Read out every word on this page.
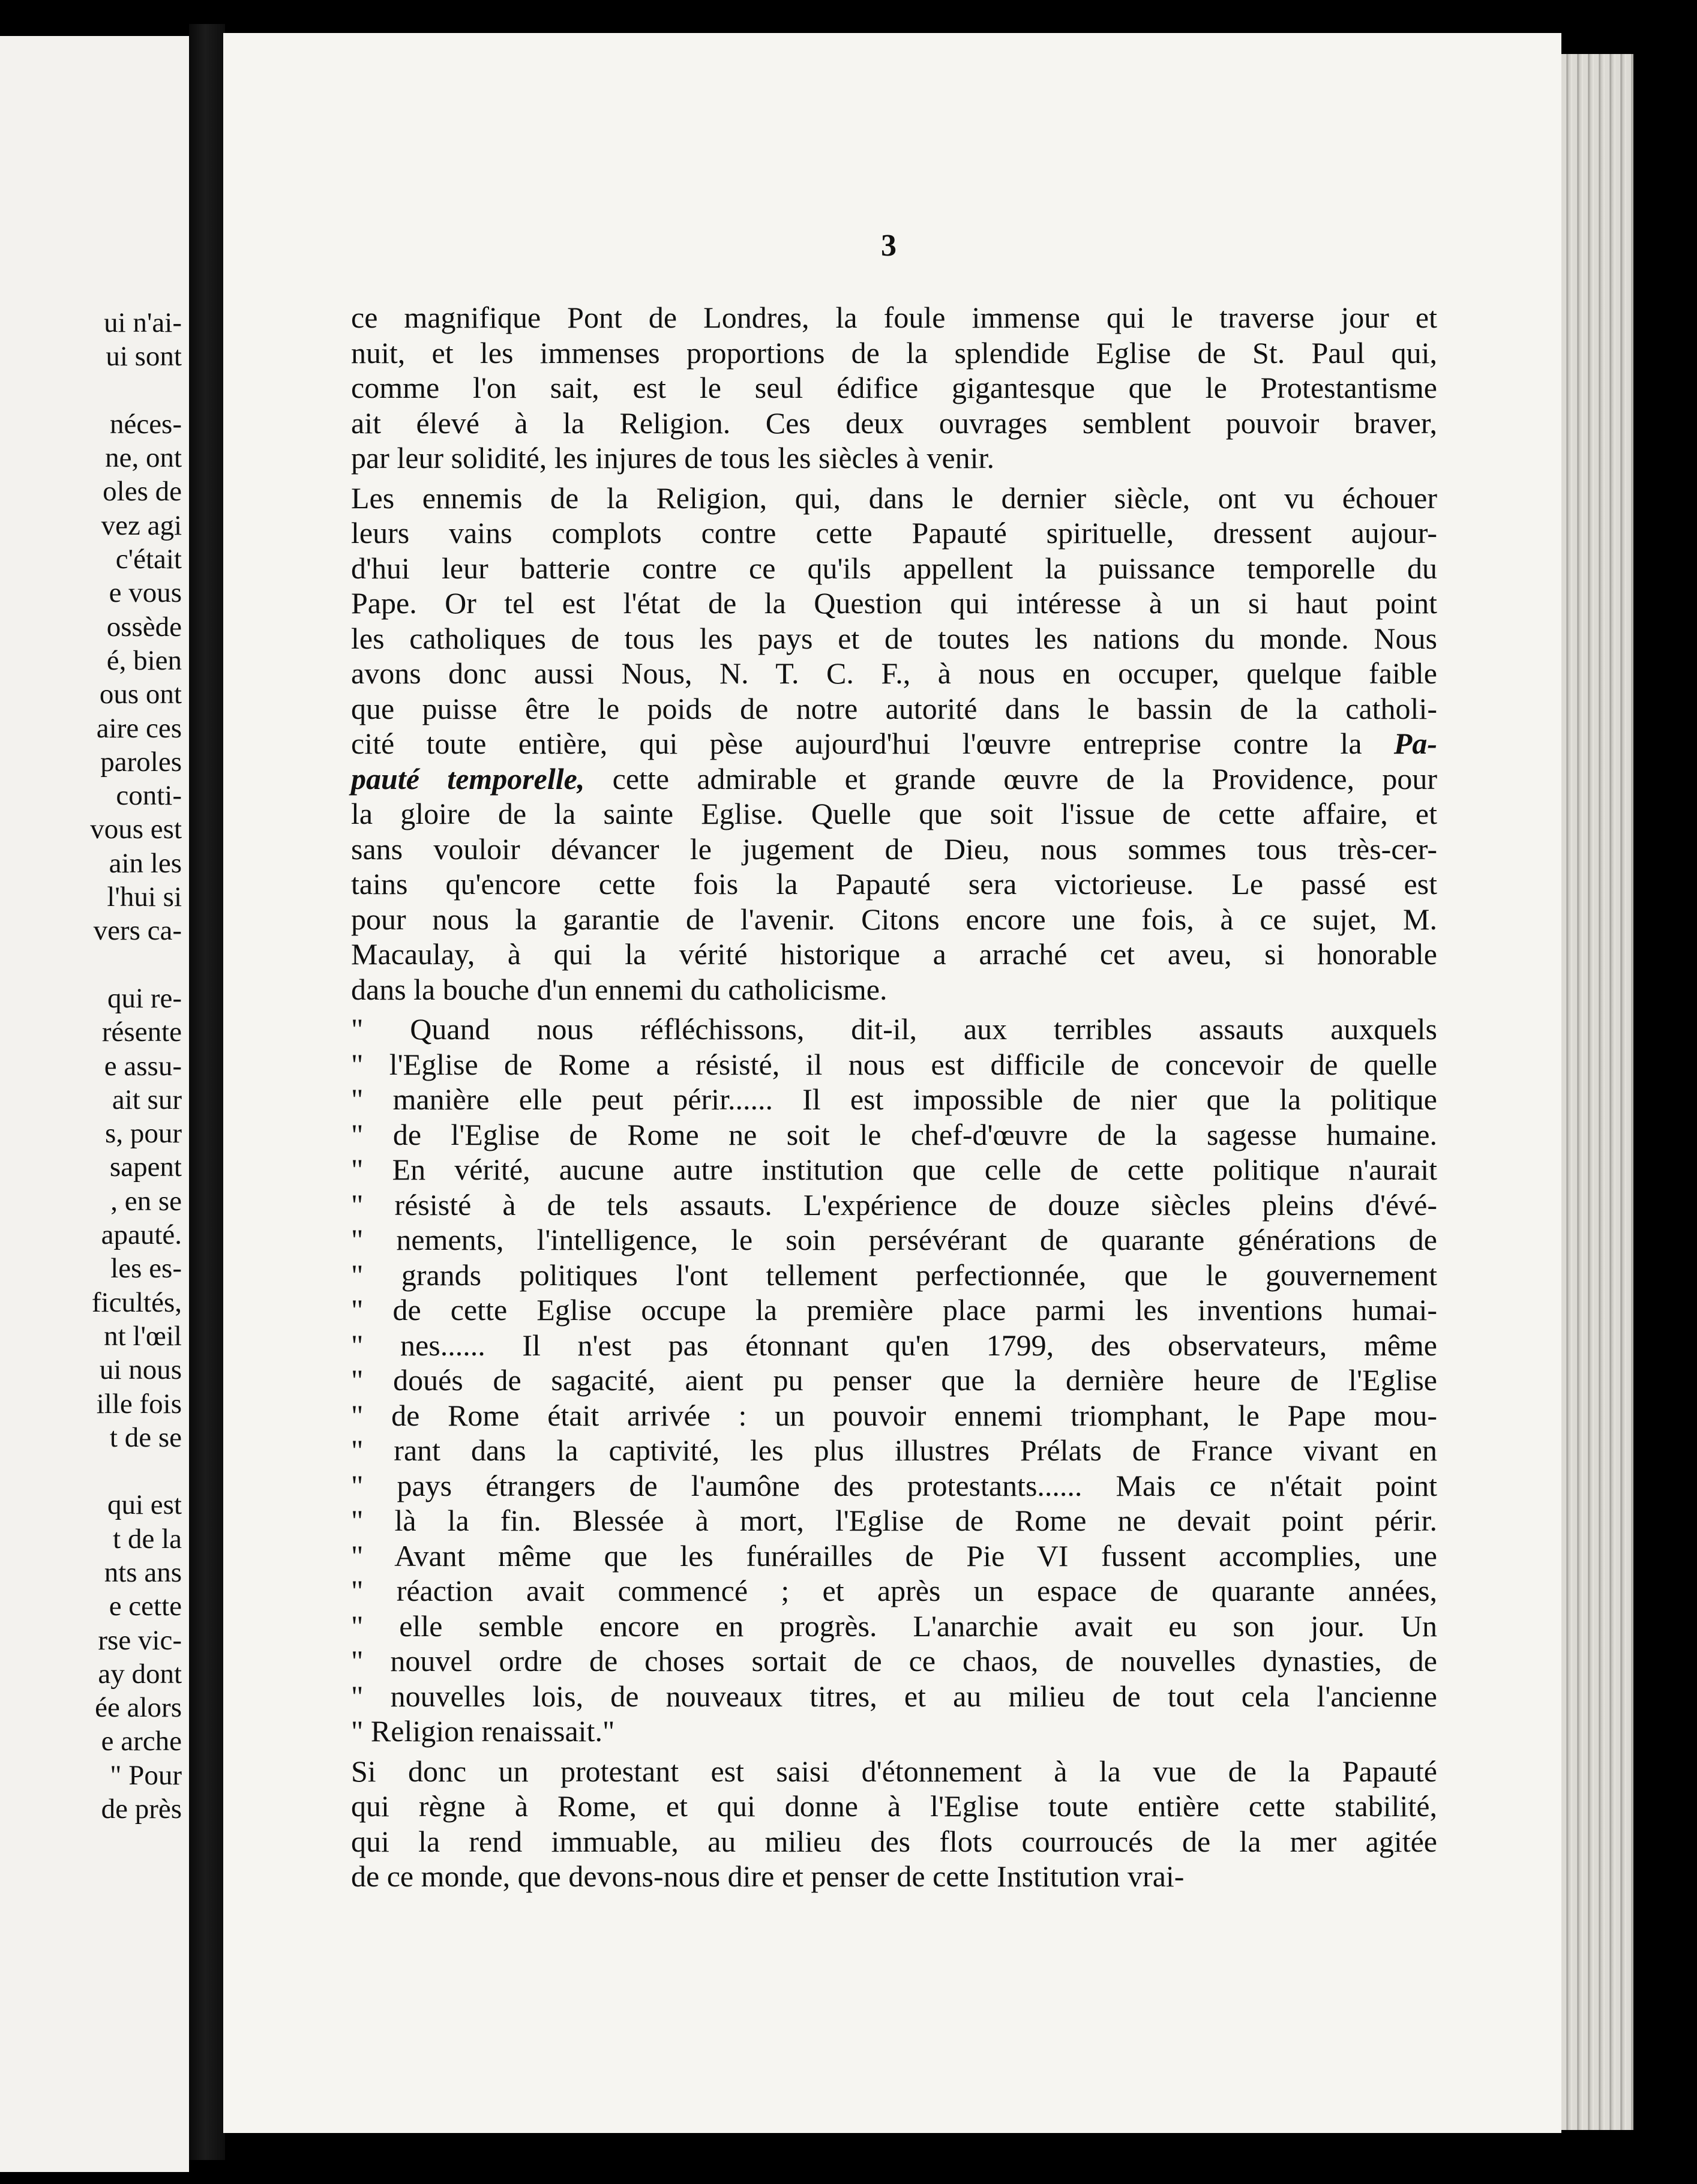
ui n'ai-
ui sont

néces-
ne, ont
oles de
vez agi
c'était
e vous
ossède
é, bien
ous ont
aire ces
paroles
conti-
vous est
ain les
l'hui si
vers ca-

qui re-
résente
e assu-
ait sur
s, pour
sapent
, en se
apauté.
les es-
ficultés,
nt l'œil
ui nous
ille fois
t de se

qui est
t de la
nts ans
e cette
rse vic-
ay dont
ée alors
e arche
" Pour
de près
3
ce magnifique Pont de Londres, la foule immense qui le traverse jour et
nuit, et les immenses proportions de la splendide Eglise de St. Paul qui,
comme l'on sait, est le seul édifice gigantesque que le Protestantisme
ait élevé à la Religion. Ces deux ouvrages semblent pouvoir braver,
par leur solidité, les injures de tous les siècles à venir.
Les ennemis de la Religion, qui, dans le dernier siècle, ont vu échouer
leurs vains complots contre cette Papauté spirituelle, dressent aujour-
d'hui leur batterie contre ce qu'ils appellent la puissance temporelle du
Pape. Or tel est l'état de la Question qui intéresse à un si haut point
les catholiques de tous les pays et de toutes les nations du monde. Nous
avons donc aussi Nous, N. T. C. F., à nous en occuper, quelque faible
que puisse être le poids de notre autorité dans le bassin de la catholi-
cité toute entière, qui pèse aujourd'hui l'œuvre entreprise contre la Pa-
pauté temporelle, cette admirable et grande œuvre de la Providence, pour
la gloire de la sainte Eglise. Quelle que soit l'issue de cette affaire, et
sans vouloir dévancer le jugement de Dieu, nous sommes tous très-cer-
tains qu'encore cette fois la Papauté sera victorieuse. Le passé est
pour nous la garantie de l'avenir. Citons encore une fois, à ce sujet, M.
Macaulay, à qui la vérité historique a arraché cet aveu, si honorable
dans la bouche d'un ennemi du catholicisme.
" Quand nous réfléchissons, dit-il, aux terribles assauts auxquels
" l'Eglise de Rome a résisté, il nous est difficile de concevoir de quelle
" manière elle peut périr...... Il est impossible de nier que la politique
" de l'Eglise de Rome ne soit le chef-d'œuvre de la sagesse humaine.
" En vérité, aucune autre institution que celle de cette politique n'aurait
" résisté à de tels assauts. L'expérience de douze siècles pleins d'évé-
" nements, l'intelligence, le soin persévérant de quarante générations de
" grands politiques l'ont tellement perfectionnée, que le gouvernement
" de cette Eglise occupe la première place parmi les inventions humai-
" nes...... Il n'est pas étonnant qu'en 1799, des observateurs, même
" doués de sagacité, aient pu penser que la dernière heure de l'Eglise
" de Rome était arrivée : un pouvoir ennemi triomphant, le Pape mou-
" rant dans la captivité, les plus illustres Prélats de France vivant en
" pays étrangers de l'aumône des protestants...... Mais ce n'était point
" là la fin. Blessée à mort, l'Eglise de Rome ne devait point périr.
" Avant même que les funérailles de Pie VI fussent accomplies, une
" réaction avait commencé ; et après un espace de quarante années,
" elle semble encore en progrès. L'anarchie avait eu son jour. Un
" nouvel ordre de choses sortait de ce chaos, de nouvelles dynasties, de
" nouvelles lois, de nouveaux titres, et au milieu de tout cela l'ancienne
" Religion renaissait."
Si donc un protestant est saisi d'étonnement à la vue de la Papauté
qui règne à Rome, et qui donne à l'Eglise toute entière cette stabilité,
qui la rend immuable, au milieu des flots courroucés de la mer agitée
de ce monde, que devons-nous dire et penser de cette Institution vrai-
